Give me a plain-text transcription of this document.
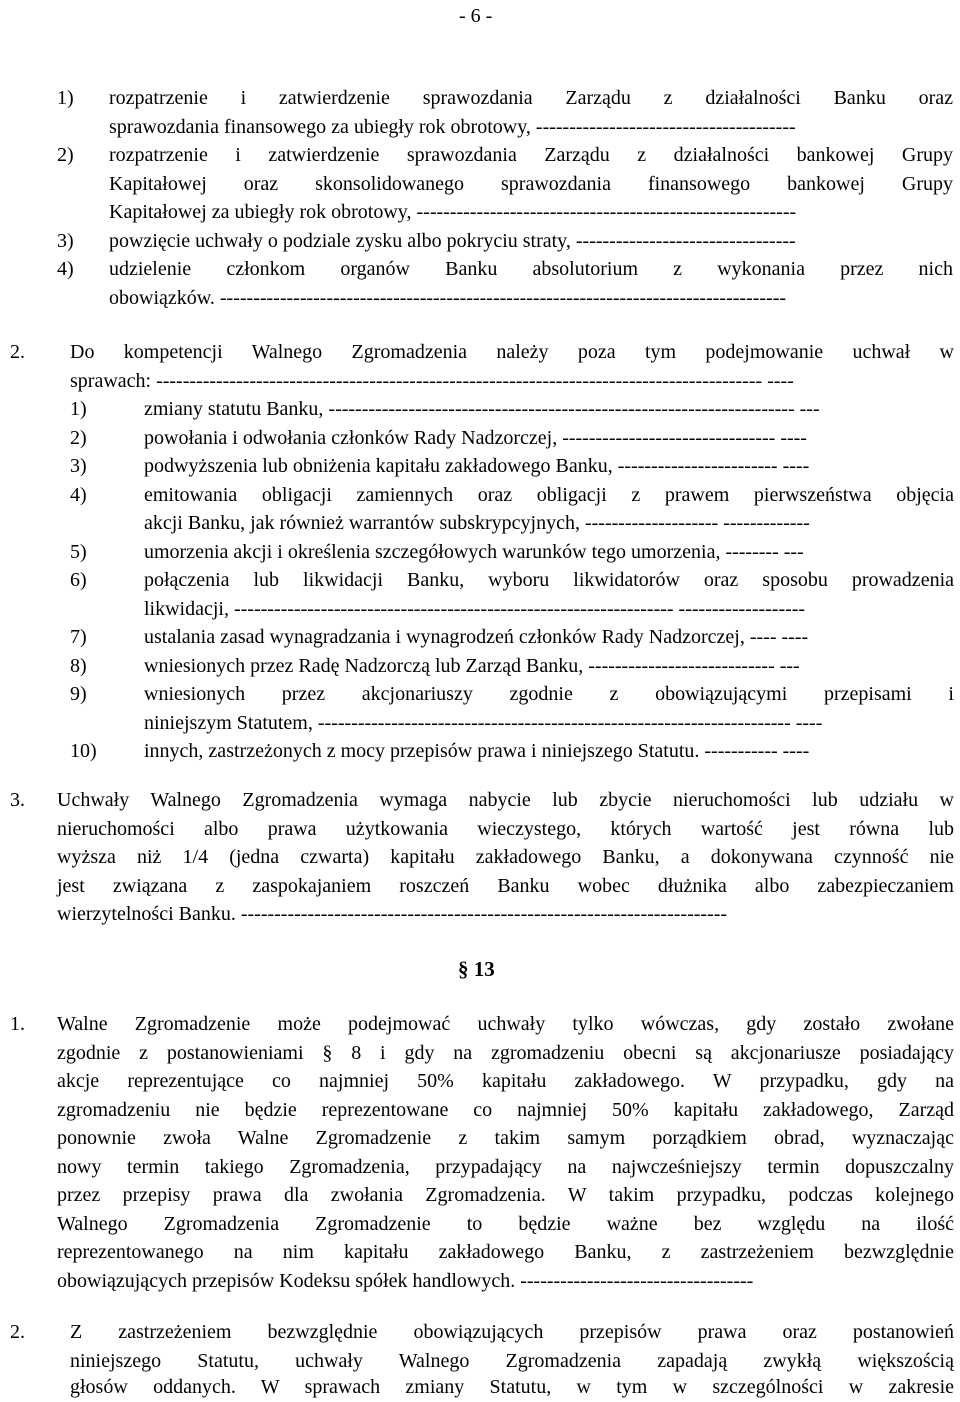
- 6 -
1) rozpatrzenie i zatwierdzenie sprawozdania Zarządu z działalności Banku oraz
sprawozdania finansowego za ubiegły rok obrotowy, ---------------------------------------
2) rozpatrzenie i zatwierdzenie sprawozdania Zarządu z działalności bankowej Grupy
Kapitałowej oraz skonsolidowanego sprawozdania finansowego bankowej Grupy
Kapitałowej za ubiegły rok obrotowy, ---------------------------------------------------------
3) powzięcie uchwały o podziale zysku albo pokryciu straty, ---------------------------------
4) udzielenie członkom organów Banku absolutorium z wykonania przez nich
obowiązków. -------------------------------------------------------------------------------------
2. Do kompetencji Walnego Zgromadzenia należy poza tym podejmowanie uchwał w
sprawach: ------------------------------------------------------------------------------------------- ----
1)	zmiany statutu Banku, ---------------------------------------------------------------------- ---
2)	powołania i odwołania członków Rady Nadzorczej, -------------------------------- ----
3)	podwyższenia lub obniżenia kapitału zakładowego Banku, ------------------------ ----
4)	emitowania obligacji zamiennych oraz obligacji z prawem pierwszeństwa objęcia
akcji Banku, jak również warrantów subskrypcyjnych, -------------------- -------------
5)	umorzenia akcji i określenia szczegółowych warunków tego umorzenia, -------- ---
6)	połączenia lub likwidacji Banku, wyboru likwidatorów oraz sposobu prowadzenia
likwidacji, ------------------------------------------------------------------ -------------------
7)	ustalania zasad wynagradzania i wynagrodzeń członków Rady Nadzorczej, ---- ----
8)	wniesionych przez Radę Nadzorczą lub Zarząd Banku, ---------------------------- ---
9)	wniesionych przez akcjonariuszy zgodnie z obowiązującymi przepisami i
niniejszym Statutem, ----------------------------------------------------------------------- ----
10) innych, zastrzeżonych z mocy przepisów prawa i niniejszego Statutu. ----------- ----
3. Uchwały Walnego Zgromadzenia wymaga nabycie lub zbycie nieruchomości lub udziału w
nieruchomości albo prawa użytkowania wieczystego, których wartość jest równa lub
wyższa niż 1/4 (jedna czwarta) kapitału zakładowego Banku, a dokonywana czynność nie
jest związana z zaspokajaniem roszczeń Banku wobec dłużnika albo zabezpieczaniem
wierzytelności Banku. -------------------------------------------------------------------------
§ 13
1. Walne Zgromadzenie może podejmować uchwały tylko wówczas, gdy zostało zwołane
zgodnie z postanowieniami § 8 i gdy na zgromadzeniu obecni są akcjonariusze posiadający
akcje reprezentujące co najmniej 50% kapitału zakładowego. W przypadku, gdy na
zgromadzeniu nie będzie reprezentowane co najmniej 50% kapitału zakładowego, Zarząd
ponownie zwoła Walne Zgromadzenie z takim samym porządkiem obrad, wyznaczając
nowy termin takiego Zgromadzenia, przypadający na najwcześniejszy termin dopuszczalny
przez przepisy prawa dla zwołania Zgromadzenia. W takim przypadku, podczas kolejnego
Walnego Zgromadzenia Zgromadzenie to będzie ważne bez względu na ilość
reprezentowanego na nim kapitału zakładowego Banku, z zastrzeżeniem bezwzględnie
obowiązujących przepisów Kodeksu spółek handlowych. -----------------------------------
2. Z zastrzeżeniem bezwzględnie obowiązujących przepisów prawa oraz postanowień
niniejszego Statutu, uchwały Walnego Zgromadzenia zapadają zwykłą większością
głosów oddanych. W sprawach zmiany Statutu, w tym w szczególności w zakresie
